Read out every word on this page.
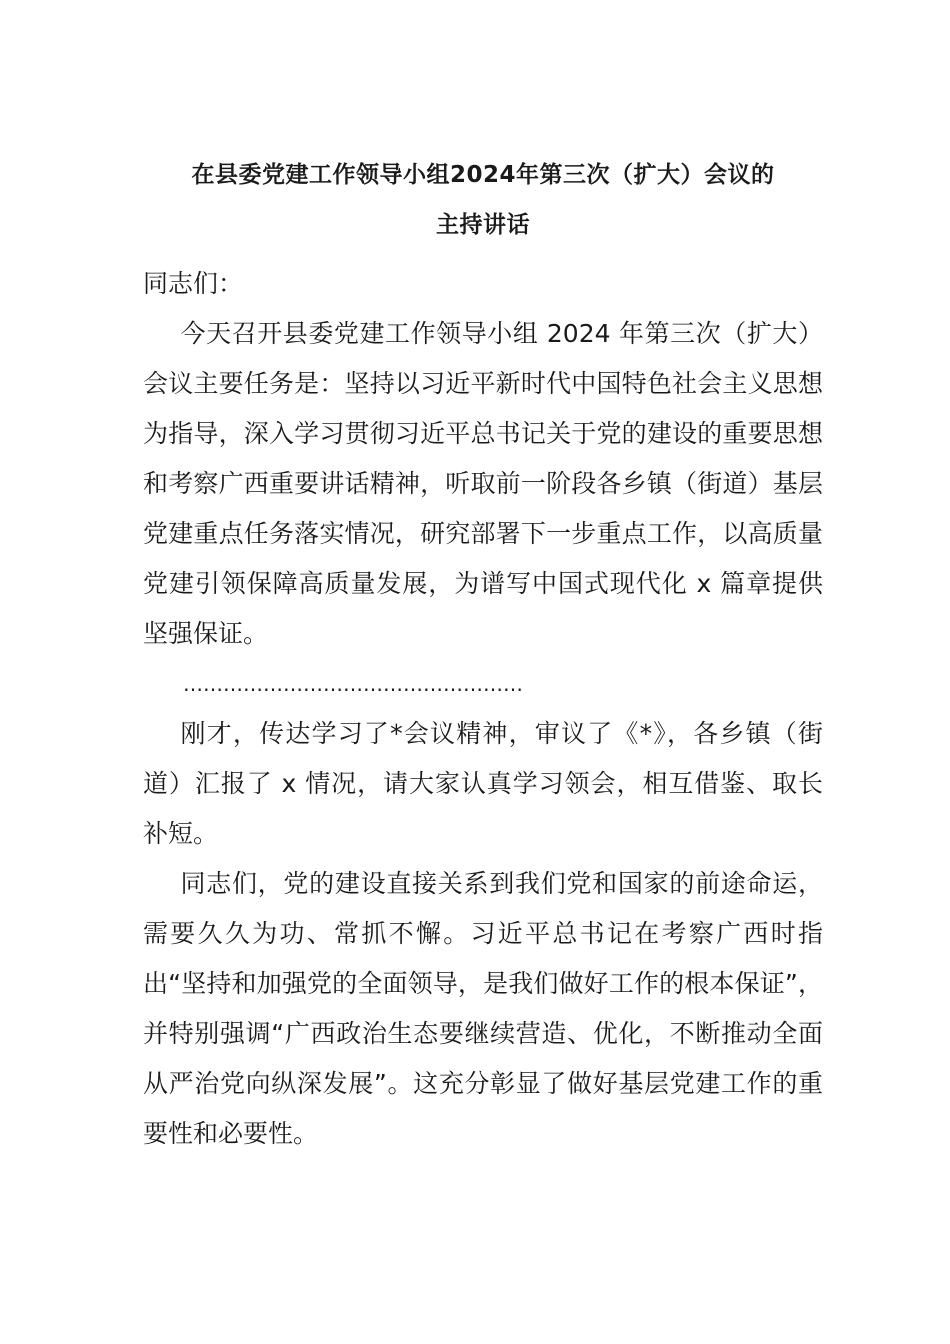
在县委党建工作领导小组2024年第三次（扩大）会议的
主持讲话

同志们：

今天召开县委党建工作领导小组 2024 年第三次（扩大）会议主要任务是：坚持以习近平新时代中国特色社会主义思想为指导，深入学习贯彻习近平总书记关于党的建设的重要思想和考察广西重要讲话精神，听取前一阶段各乡镇（街道）基层党建重点任务落实情况，研究部署下一步重点工作，以高质量党建引领保障高质量发展，为谱写中国式现代化 x 篇章提供坚强保证。

……………………………………………

刚才，传达学习了*会议精神，审议了《*》，各乡镇（街道）汇报了 x 情况，请大家认真学习领会，相互借鉴、取长补短。

同志们，党的建设直接关系到我们党和国家的前途命运，需要久久为功、常抓不懈。习近平总书记在考察广西时指出“坚持和加强党的全面领导，是我们做好工作的根本保证”，并特别强调“广西政治生态要继续营造、优化，不断推动全面从严治党向纵深发展”。这充分彰显了做好基层党建工作的重要性和必要性。
